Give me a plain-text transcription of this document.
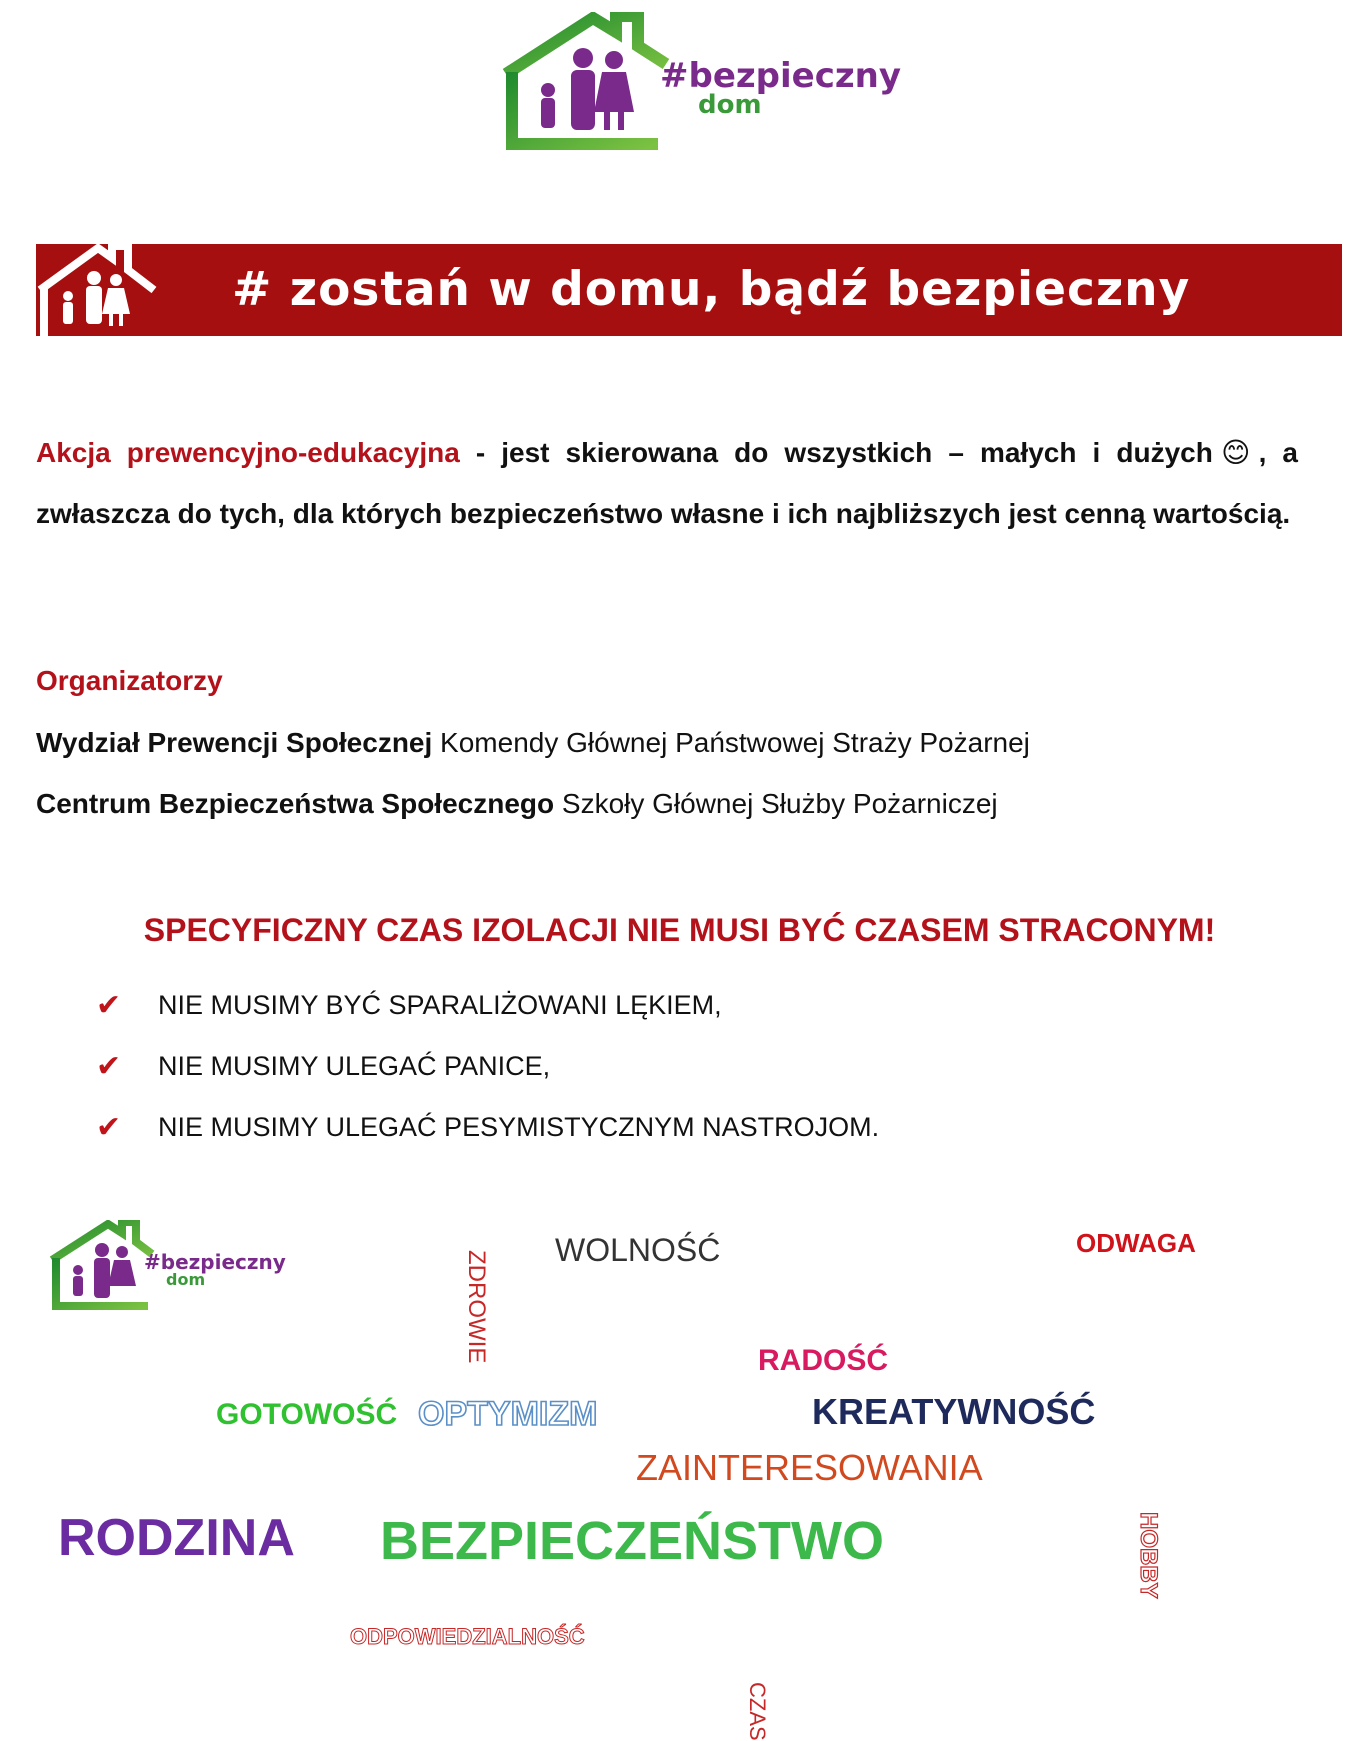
#bezpieczny
dom
# zostań w domu, bądź bezpieczny
Akcja prewencyjno-edukacyjna - jest skierowana do wszystkich – małych i dużych😊, a zwłaszcza do tych, dla których bezpieczeństwo własne i ich najbliższych jest cenną wartością.
Organizatorzy
Wydział Prewencji Społecznej Komendy Głównej Państwowej Straży Pożarnej
Centrum Bezpieczeństwa Społecznego Szkoły Głównej Służby Pożarniczej
SPECYFICZNY CZAS IZOLACJI NIE MUSI BYĆ CZASEM STRACONYM!
✔	NIE MUSIMY BYĆ SPARALIŻOWANI LĘKIEM,
✔	NIE MUSIMY ULEGAĆ PANICE,
✔	NIE MUSIMY ULEGAĆ PESYMISTYCZNYM NASTROJOM.
#bezpieczny
dom
WOLNOŚĆ	ODWAGA
ZDROWIE	RADOŚĆ
GOTOWOŚĆ OPTYMIZM	KREATYWNOŚĆ
ZAINTERESOWANIA
RODZINA BEZPIECZEŃSTWO	HOBBY
ODPOWIEDZIALNOŚĆ
CZAS
